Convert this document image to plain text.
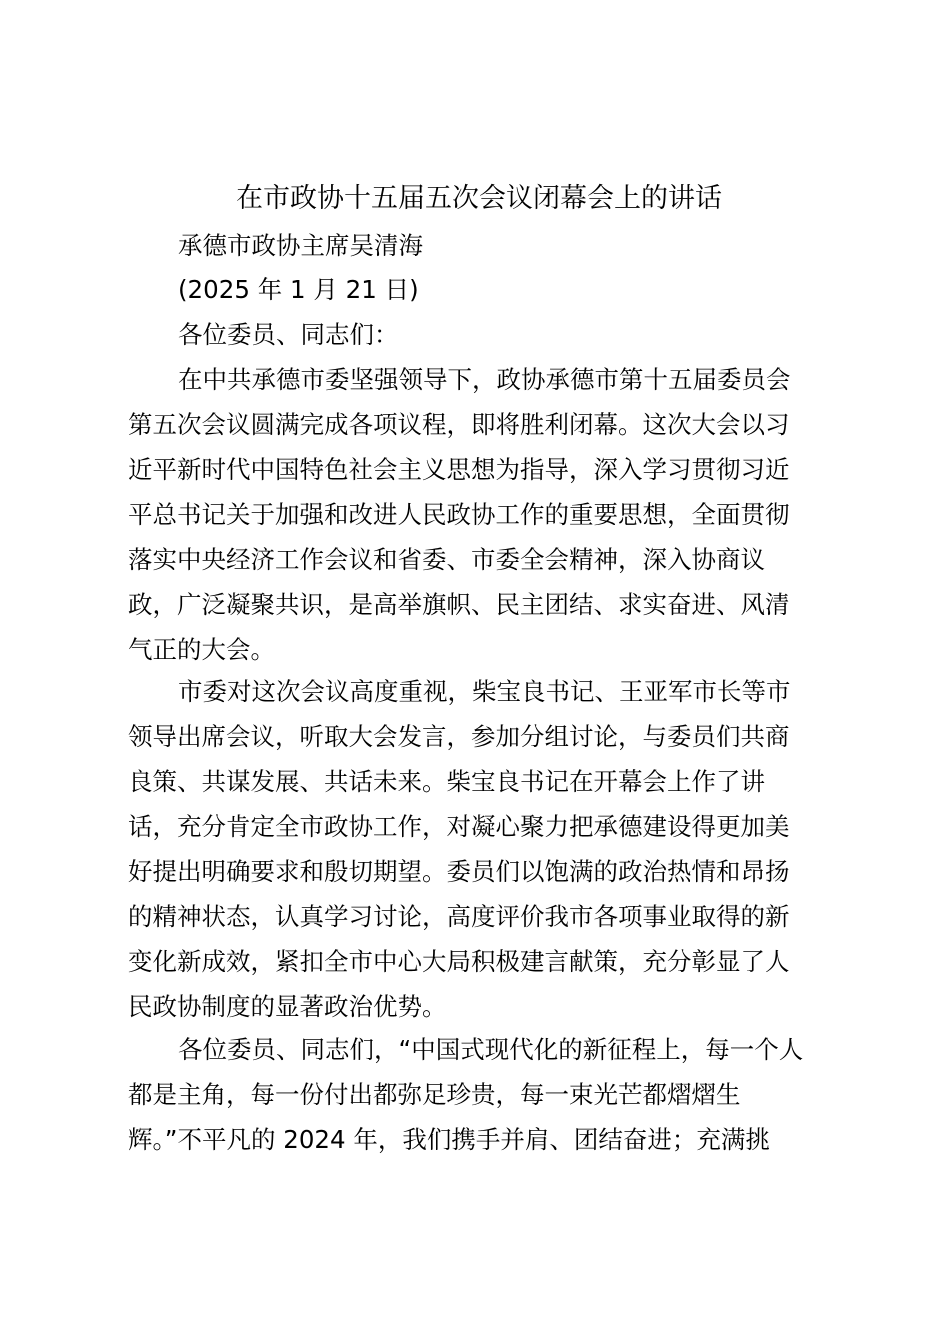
在市政协十五届五次会议闭幕会上的讲话
承德市政协主席吴清海
(2025 年 1 月 21 日)
各位委员、同志们：
在中共承德市委坚强领导下，政协承德市第十五届委员会
第五次会议圆满完成各项议程，即将胜利闭幕。这次大会以习
近平新时代中国特色社会主义思想为指导，深入学习贯彻习近
平总书记关于加强和改进人民政协工作的重要思想，全面贯彻
落实中央经济工作会议和省委、市委全会精神，深入协商议
政，广泛凝聚共识，是高举旗帜、民主团结、求实奋进、风清
气正的大会。
市委对这次会议高度重视，柴宝良书记、王亚军市长等市
领导出席会议，听取大会发言，参加分组讨论，与委员们共商
良策、共谋发展、共话未来。柴宝良书记在开幕会上作了讲
话，充分肯定全市政协工作，对凝心聚力把承德建设得更加美
好提出明确要求和殷切期望。委员们以饱满的政治热情和昂扬
的精神状态，认真学习讨论，高度评价我市各项事业取得的新
变化新成效，紧扣全市中心大局积极建言献策，充分彰显了人
民政协制度的显著政治优势。
各位委员、同志们，“中国式现代化的新征程上，每一个人
都是主角，每一份付出都弥足珍贵，每一束光芒都熠熠生
辉。”不平凡的 2024 年，我们携手并肩、团结奋进；充满挑
